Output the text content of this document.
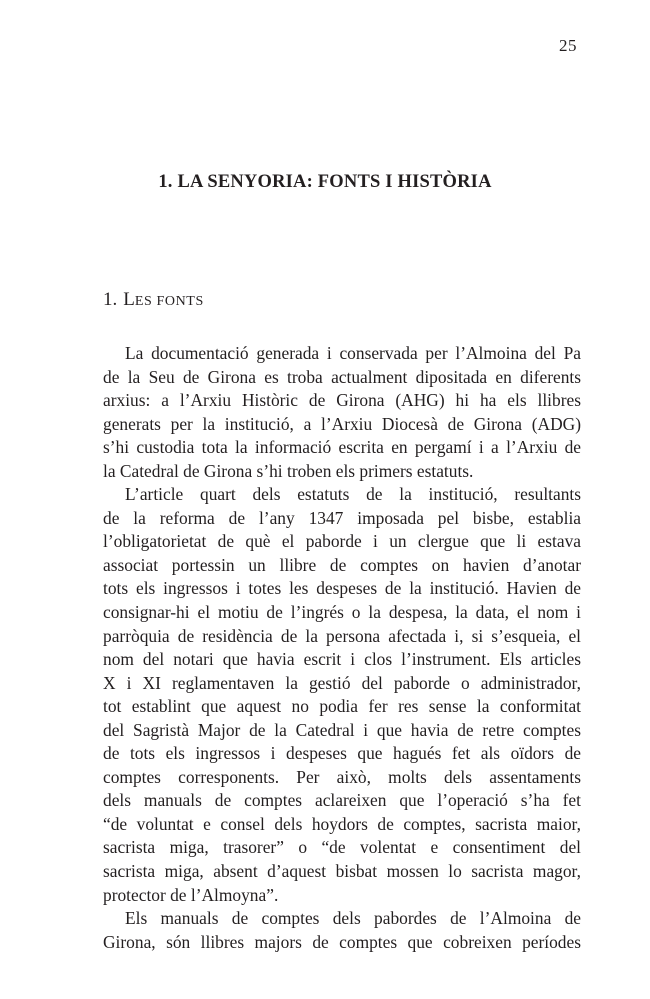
25
1. LA SENYORIA: FONTS I HISTÒRIA
1. LES FONTS
La documentació generada i conservada per l’Almoina del Pa
de la Seu de Girona es troba actualment dipositada en diferents
arxius: a l’Arxiu Històric de Girona (AHG) hi ha els llibres
generats per la institució, a l’Arxiu Diocesà de Girona (ADG)
s’hi custodia tota la informació escrita en pergamí i a l’Arxiu de
la Catedral de Girona s’hi troben els primers estatuts.
L’article quart dels estatuts de la institució, resultants
de la reforma de l’any 1347 imposada pel bisbe, establia
l’obligatorietat de què el paborde i un clergue que li estava
associat portessin un llibre de comptes on havien d’anotar
tots els ingressos i totes les despeses de la institució. Havien de
consignar-hi el motiu de l’ingrés o la despesa, la data, el nom i
parròquia de residència de la persona afectada i, si s’esqueia, el
nom del notari que havia escrit i clos l’instrument. Els articles
X i XI reglamentaven la gestió del paborde o administrador,
tot establint que aquest no podia fer res sense la conformitat
del Sagristà Major de la Catedral i que havia de retre comptes
de tots els ingressos i despeses que hagués fet als oïdors de
comptes corresponents. Per això, molts dels assentaments
dels manuals de comptes aclareixen que l’operació s’ha fet
“de voluntat e consel dels hoydors de comptes, sacrista maior,
sacrista miga, trasorer” o “de volentat e consentiment del
sacrista miga, absent d’aquest bisbat mossen lo sacrista magor,
protector de l’Almoyna”.
Els manuals de comptes dels pabordes de l’Almoina de
Girona, són llibres majors de comptes que cobreixen períodes
